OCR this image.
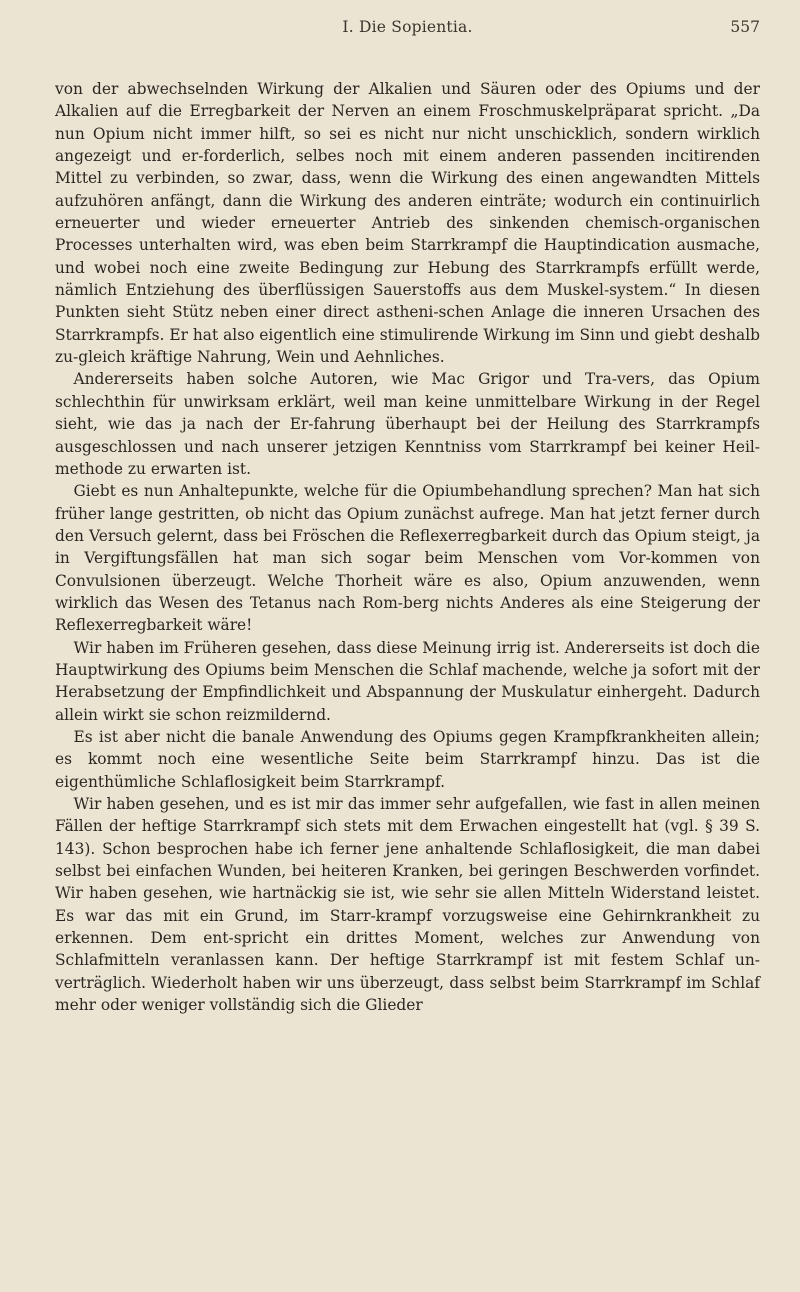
I. Die Sopientia.	557

von der abwechselnden Wirkung der Alkalien und Säuren oder des Opiums und der Alkalien auf die Erregbarkeit der Nerven an einem Froschmuskelpräparat spricht. „Da nun Opium nicht immer hilft, so sei es nicht nur nicht unschicklich, sondern wirklich angezeigt und er-forderlich, selbes noch mit einem anderen passenden incitirenden Mittel zu verbinden, so zwar, dass, wenn die Wirkung des einen angewandten Mittels aufzuhören anfängt, dann die Wirkung des anderen einträte; wodurch ein continuirlich erneuerter und wieder erneuerter Antrieb des sinkenden chemisch-organischen Processes unterhalten wird, was eben beim Starrkrampf die Hauptindication ausmache, und wobei noch eine zweite Bedingung zur Hebung des Starrkrampfs erfüllt werde, nämlich Entziehung des überflüssigen Sauerstoffs aus dem Muskel-system.“ In diesen Punkten sieht Stütz neben einer direct astheni-schen Anlage die inneren Ursachen des Starrkrampfs. Er hat also eigentlich eine stimulirende Wirkung im Sinn und giebt deshalb zu-gleich kräftige Nahrung, Wein und Aehnliches.

Andererseits haben solche Autoren, wie Mac Grigor und Tra-vers, das Opium schlechthin für unwirksam erklärt, weil man keine unmittelbare Wirkung in der Regel sieht, wie das ja nach der Er-fahrung überhaupt bei der Heilung des Starrkrampfs ausgeschlossen und nach unserer jetzigen Kenntniss vom Starrkrampf bei keiner Heil-methode zu erwarten ist.

Giebt es nun Anhaltepunkte, welche für die Opiumbehandlung sprechen? Man hat sich früher lange gestritten, ob nicht das Opium zunächst aufrege. Man hat jetzt ferner durch den Versuch gelernt, dass bei Fröschen die Reflexerregbarkeit durch das Opium steigt, ja in Vergiftungsfällen hat man sich sogar beim Menschen vom Vor-kommen von Convulsionen überzeugt. Welche Thorheit wäre es also, Opium anzuwenden, wenn wirklich das Wesen des Tetanus nach Rom-berg nichts Anderes als eine Steigerung der Reflexerregbarkeit wäre!

Wir haben im Früheren gesehen, dass diese Meinung irrig ist. Andererseits ist doch die Hauptwirkung des Opiums beim Menschen die Schlaf machende, welche ja sofort mit der Herabsetzung der Empfindlichkeit und Abspannung der Muskulatur einhergeht. Dadurch allein wirkt sie schon reizmildernd.

Es ist aber nicht die banale Anwendung des Opiums gegen Krampfkrankheiten allein; es kommt noch eine wesentliche Seite beim Starrkrampf hinzu. Das ist die eigenthümliche Schlaflosigkeit beim Starrkrampf.

Wir haben gesehen, und es ist mir das immer sehr aufgefallen, wie fast in allen meinen Fällen der heftige Starrkrampf sich stets mit dem Erwachen eingestellt hat (vgl. § 39 S. 143). Schon besprochen habe ich ferner jene anhaltende Schlaflosigkeit, die man dabei selbst bei einfachen Wunden, bei heiteren Kranken, bei geringen Beschwerden vorfindet. Wir haben gesehen, wie hartnäckig sie ist, wie sehr sie allen Mitteln Widerstand leistet. Es war das mit ein Grund, im Starr-krampf vorzugsweise eine Gehirnkrankheit zu erkennen. Dem ent-spricht ein drittes Moment, welches zur Anwendung von Schlafmitteln veranlassen kann. Der heftige Starrkrampf ist mit festem Schlaf un-verträglich. Wiederholt haben wir uns überzeugt, dass selbst beim Starrkrampf im Schlaf mehr oder weniger vollständig sich die Glieder
